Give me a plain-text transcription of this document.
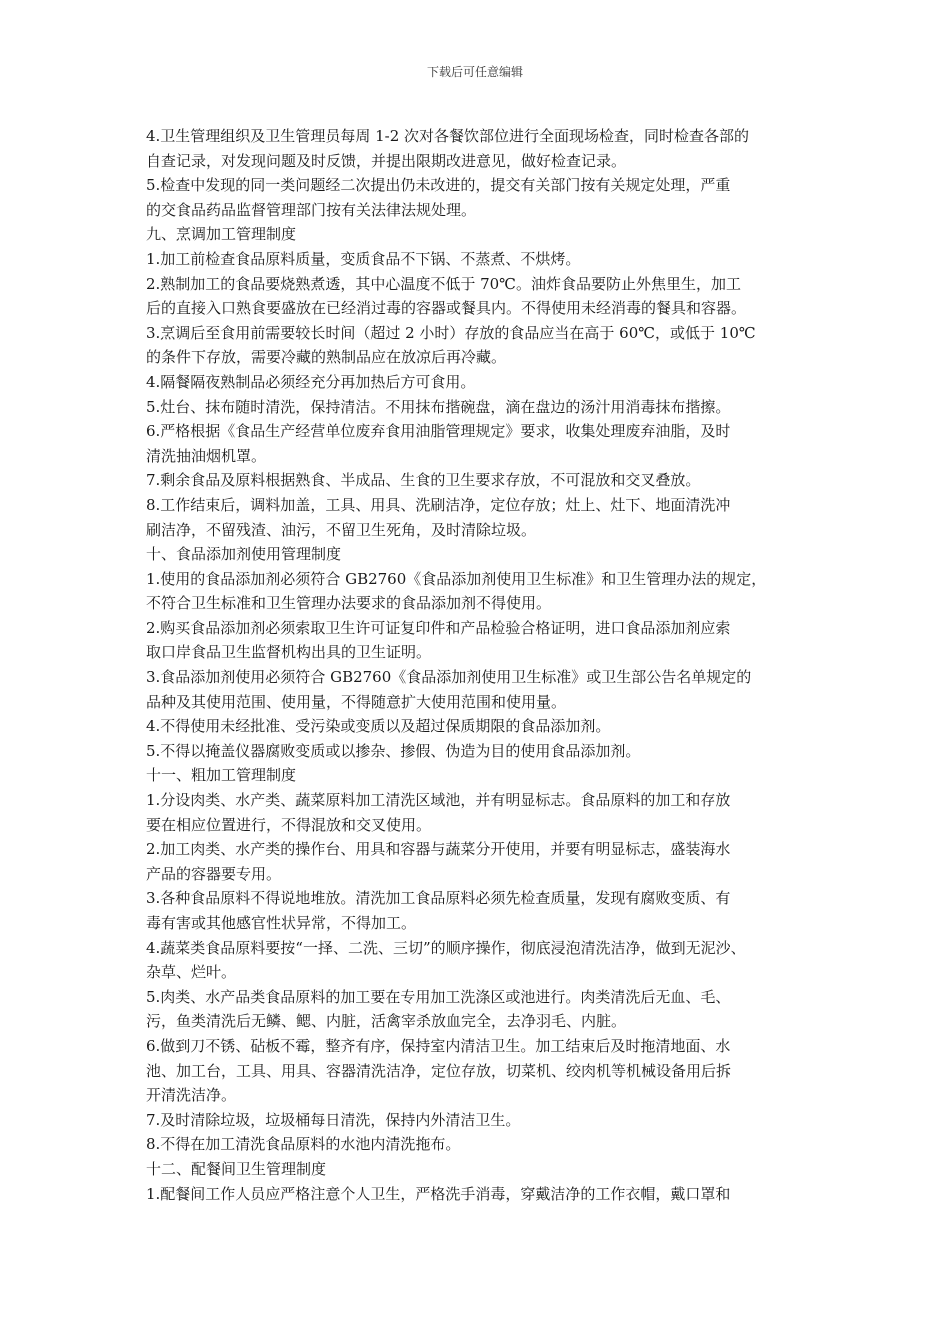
下载后可任意编辑
4.卫生管理组织及卫生管理员每周 1-2 次对各餐饮部位进行全面现场检查，同时检查各部的
自查记录，对发现问题及时反馈，并提出限期改进意见，做好检查记录。
5.检查中发现的同一类问题经二次提出仍未改进的，提交有关部门按有关规定处理，严重
的交食品药品监督管理部门按有关法律法规处理。
九、烹调加工管理制度
1.加工前检查食品原料质量，变质食品不下锅、不蒸煮、不烘烤。
2.熟制加工的食品要烧熟煮透，其中心温度不低于 70℃。油炸食品要防止外焦里生，加工
后的直接入口熟食要盛放在已经消过毒的容器或餐具内。不得使用未经消毒的餐具和容器。
3.烹调后至食用前需要较长时间（超过 2 小时）存放的食品应当在高于 60℃，或低于 10℃
的条件下存放，需要冷藏的熟制品应在放凉后再冷藏。
4.隔餐隔夜熟制品必须经充分再加热后方可食用。
5.灶台、抹布随时清洗，保持清洁。不用抹布揩碗盘，滴在盘边的汤汁用消毒抹布揩擦。
6.严格根据《食品生产经营单位废弃食用油脂管理规定》要求，收集处理废弃油脂，及时
清洗抽油烟机罩。
7.剩余食品及原料根据熟食、半成品、生食的卫生要求存放，不可混放和交叉叠放。
8.工作结束后，调料加盖，工具、用具、洗刷洁净，定位存放；灶上、灶下、地面清洗冲
刷洁净，不留残渣、油污，不留卫生死角，及时清除垃圾。
十、食品添加剂使用管理制度
1.使用的食品添加剂必须符合 GB2760《食品添加剂使用卫生标准》和卫生管理办法的规定，
不符合卫生标准和卫生管理办法要求的食品添加剂不得使用。
2.购买食品添加剂必须索取卫生许可证复印件和产品检验合格证明，进口食品添加剂应索
取口岸食品卫生监督机构出具的卫生证明。
3.食品添加剂使用必须符合 GB2760《食品添加剂使用卫生标准》或卫生部公告名单规定的
品种及其使用范围、使用量，不得随意扩大使用范围和使用量。
4.不得使用未经批准、受污染或变质以及超过保质期限的食品添加剂。
5.不得以掩盖仪器腐败变质或以掺杂、掺假、伪造为目的使用食品添加剂。
十一、粗加工管理制度
1.分设肉类、水产类、蔬菜原料加工清洗区域池，并有明显标志。食品原料的加工和存放
要在相应位置进行，不得混放和交叉使用。
2.加工肉类、水产类的操作台、用具和容器与蔬菜分开使用，并要有明显标志，盛装海水
产品的容器要专用。
3.各种食品原料不得说地堆放。清洗加工食品原料必须先检查质量，发现有腐败变质、有
毒有害或其他感官性状异常，不得加工。
4.蔬菜类食品原料要按“一择、二洗、三切”的顺序操作，彻底浸泡清洗洁净，做到无泥沙、
杂草、烂叶。
5.肉类、水产品类食品原料的加工要在专用加工洗涤区或池进行。肉类清洗后无血、毛、
污，鱼类清洗后无鳞、鳃、内脏，活禽宰杀放血完全，去净羽毛、内脏。
6.做到刀不锈、砧板不霉，整齐有序，保持室内清洁卫生。加工结束后及时拖清地面、水
池、加工台，工具、用具、容器清洗洁净，定位存放，切菜机、绞肉机等机械设备用后拆
开清洗洁净。
7.及时清除垃圾，垃圾桶每日清洗，保持内外清洁卫生。
8.不得在加工清洗食品原料的水池内清洗拖布。
十二、配餐间卫生管理制度
1.配餐间工作人员应严格注意个人卫生，严格洗手消毒，穿戴洁净的工作衣帽，戴口罩和
